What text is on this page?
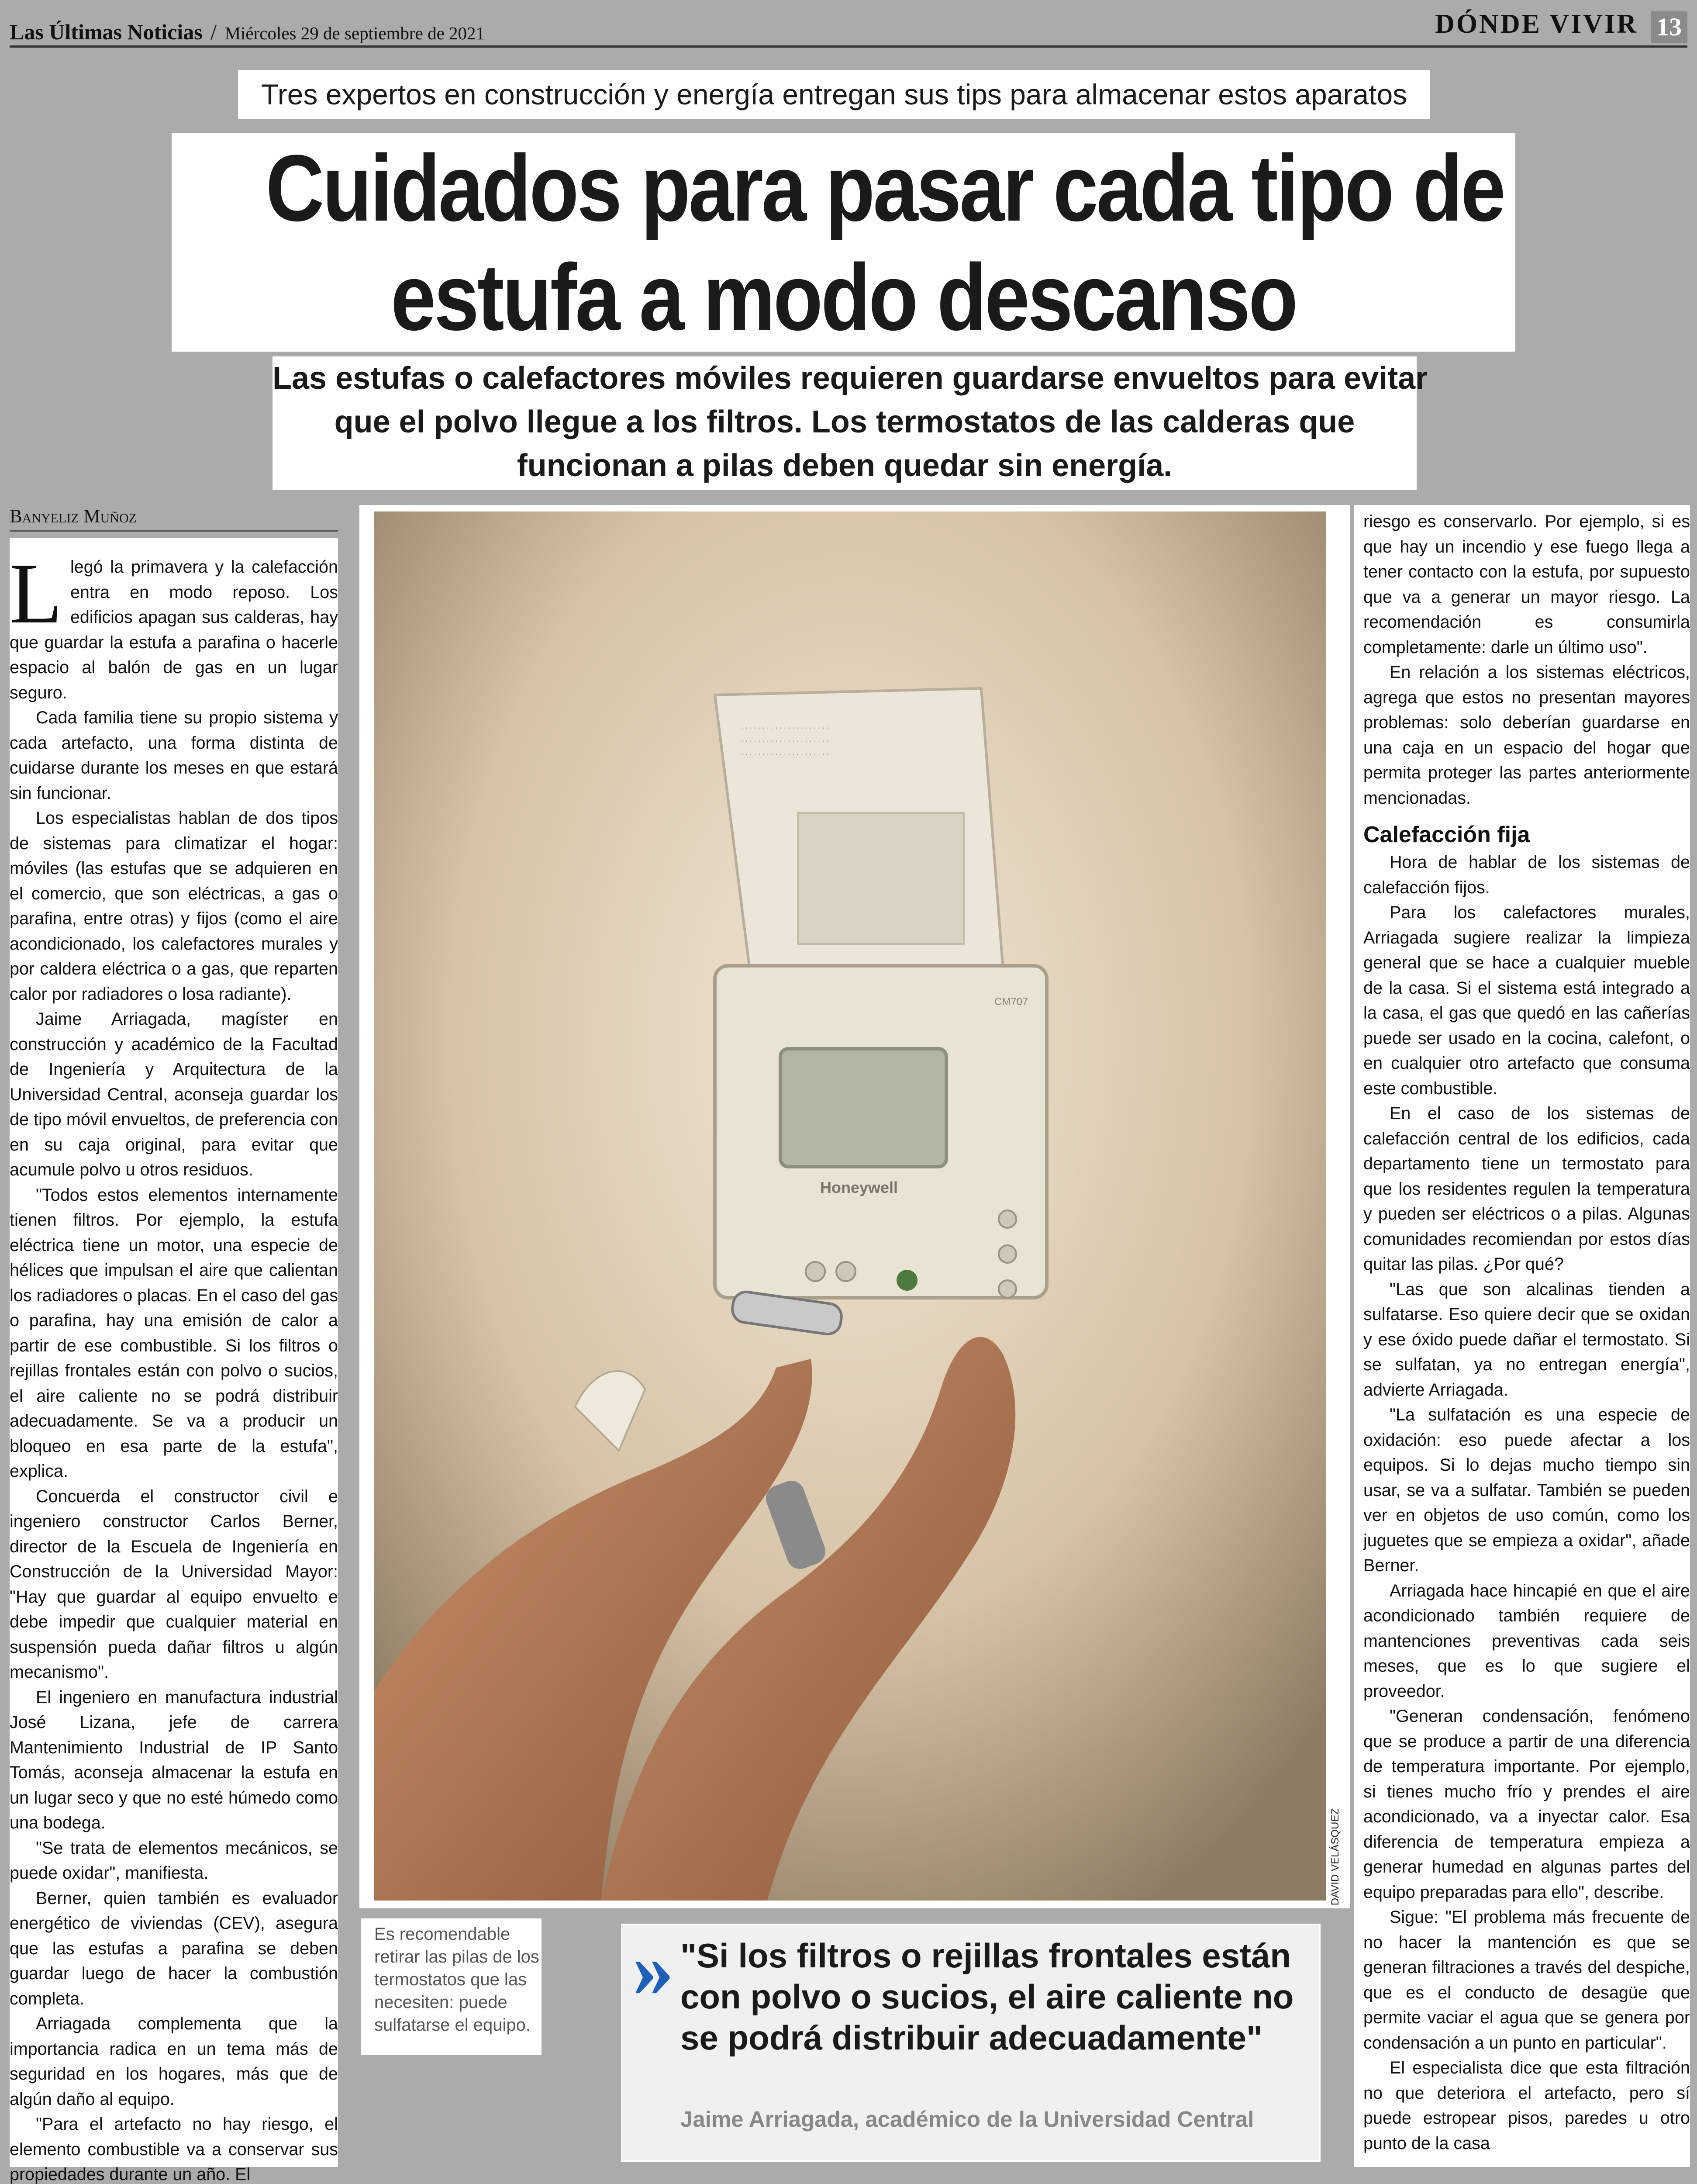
Las Últimas Noticias / Miércoles 29 de septiembre de 2021	DÓNDE VIVIR 13
Tres expertos en construcción y energía entregan sus tips para almacenar estos aparatos
Cuidados para pasar cada tipo de
estufa a modo descanso
Las estufas o calefactores móviles requieren guardarse envueltos para evitar
que el polvo llegue a los filtros. Los termostatos de las calderas que
funcionan a pilas deben quedar sin energía.
Banyeliz Muñoz
L legó la primavera y la calefacción entra en modo reposo. Los edificios apagan sus calderas, hay que guardar la estufa a parafina o hacerle espacio al balón de gas en un lugar seguro.

Cada familia tiene su propio sistema y cada artefacto, una forma distinta de cuidarse durante los meses en que estará sin funcionar.

Los especialistas hablan de dos tipos de sistemas para climatizar el hogar: móviles (las estufas que se adquieren en el comercio, que son eléctricas, a gas o parafina, entre otras) y fijos (como el aire acondicionado, los calefactores murales y por caldera eléctrica o a gas, que reparten calor por radiadores o losa radiante).

Jaime Arriagada, magíster en construcción y académico de la Facultad de Ingeniería y Arquitectura de la Universidad Central, aconseja guardar los de tipo móvil envueltos, de preferencia con en su caja original, para evitar que acumule polvo u otros residuos.

"Todos estos elementos internamente tienen filtros. Por ejemplo, la estufa eléctrica tiene un motor, una especie de hélices que impulsan el aire que calientan los radiadores o placas. En el caso del gas o parafina, hay una emisión de calor a partir de ese combustible. Si los filtros o rejillas frontales están con polvo o sucios, el aire caliente no se podrá distribuir adecuadamente. Se va a producir un bloqueo en esa parte de la estufa", explica.

Concuerda el constructor civil e ingeniero constructor Carlos Berner, director de la Escuela de Ingeniería en Construcción de la Universidad Mayor: "Hay que guardar al equipo envuelto e debe impedir que cualquier material en suspensión pueda dañar filtros u algún mecanismo".

El ingeniero en manufactura industrial José Lizana, jefe de carrera Mantenimiento Industrial de IP Santo Tomás, aconseja almacenar la estufa en un lugar seco y que no esté húmedo como una bodega.

"Se trata de elementos mecánicos, se puede oxidar", manifiesta.

Berner, quien también es evaluador energético de viviendas (CEV), asegura que las estufas a parafina se deben guardar luego de hacer la combustión completa.

Arriagada complementa que la importancia radica en un tema más de seguridad en los hogares, más que de algún daño al equipo.

"Para el artefacto no hay riesgo, el elemento combustible va a conservar sus propiedades durante un año. El

· · · · · · · · · · · · · · · · · · · · ·
· · · · · · · · · · · · · · · · · · · · ·
· · · · · · · · · · · · · · · · · · · · ·
Honeywell
CM707
DAVID VELÁSQUEZ

riesgo es conservarlo. Por ejemplo, si es que hay un incendio y ese fuego llega a tener contacto con la estufa, por supuesto que va a generar un mayor riesgo. La recomendación es consumirla completamente: darle un último uso".

En relación a los sistemas eléctricos, agrega que estos no presentan mayores problemas: solo deberían guardarse en una caja en un espacio del hogar que permita proteger las partes anteriormente mencionadas.

Calefacción fija

Hora de hablar de los sistemas de calefacción fijos.

Para los calefactores murales, Arriagada sugiere realizar la limpieza general que se hace a cualquier mueble de la casa. Si el sistema está integrado a la casa, el gas que quedó en las cañerías puede ser usado en la cocina, calefont, o en cualquier otro artefacto que consuma este combustible.

En el caso de los sistemas de calefacción central de los edificios, cada departamento tiene un termostato para que los residentes regulen la temperatura y pueden ser eléctricos o a pilas. Algunas comunidades recomiendan por estos días quitar las pilas. ¿Por qué?

"Las que son alcalinas tienden a sulfatarse. Eso quiere decir que se oxidan y ese óxido puede dañar el termostato. Si se sulfatan, ya no entregan energía", advierte Arriagada.

"La sulfatación es una especie de oxidación: eso puede afectar a los equipos. Si lo dejas mucho tiempo sin usar, se va a sulfatar. También se pueden ver en objetos de uso común, como los juguetes que se empieza a oxidar", añade Berner.

Arriagada hace hincapié en que el aire acondicionado también requiere de mantenciones preventivas cada seis meses, que es lo que sugiere el proveedor.

"Generan condensación, fenómeno que se produce a partir de una diferencia de temperatura importante. Por ejemplo, si tienes mucho frío y prendes el aire acondicionado, va a inyectar calor. Esa diferencia de temperatura empieza a generar humedad en algunas partes del equipo preparadas para ello", describe.

Sigue: "El problema más frecuente de no hacer la mantención es que se generan filtraciones a través del despiche, que es el conducto de desagüe que permite vaciar el agua que se genera por condensación a un punto en particular".

El especialista dice que esta filtración no que deteriora el artefacto, pero sí puede estropear pisos, paredes u otro punto de la casa

Es recomendable retirar las pilas de los termostatos que las necesiten: puede sulfatarse el equipo.
» "Si los filtros o rejillas frontales están con polvo o sucios, el aire caliente no se podrá distribuir adecuadamente"
Jaime Arriagada, académico de la Universidad Central
